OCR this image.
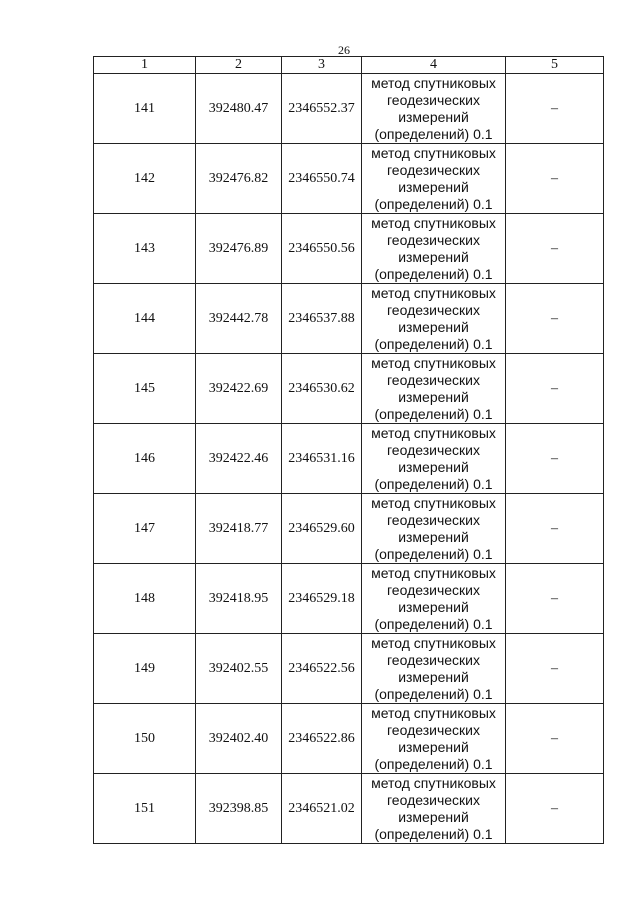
26
1	2	3	4	5
141	392480.47	2346552.37	метод спутниковых геодезических измерений (определений) 0.1	–
142	392476.82	2346550.74	метод спутниковых геодезических измерений (определений) 0.1	–
143	392476.89	2346550.56	метод спутниковых геодезических измерений (определений) 0.1	–
144	392442.78	2346537.88	метод спутниковых геодезических измерений (определений) 0.1	–
145	392422.69	2346530.62	метод спутниковых геодезических измерений (определений) 0.1	–
146	392422.46	2346531.16	метод спутниковых геодезических измерений (определений) 0.1	–
147	392418.77	2346529.60	метод спутниковых геодезических измерений (определений) 0.1	–
148	392418.95	2346529.18	метод спутниковых геодезических измерений (определений) 0.1	–
149	392402.55	2346522.56	метод спутниковых геодезических измерений (определений) 0.1	–
150	392402.40	2346522.86	метод спутниковых геодезических измерений (определений) 0.1	–
151	392398.85	2346521.02	метод спутниковых геодезических измерений (определений) 0.1	–
